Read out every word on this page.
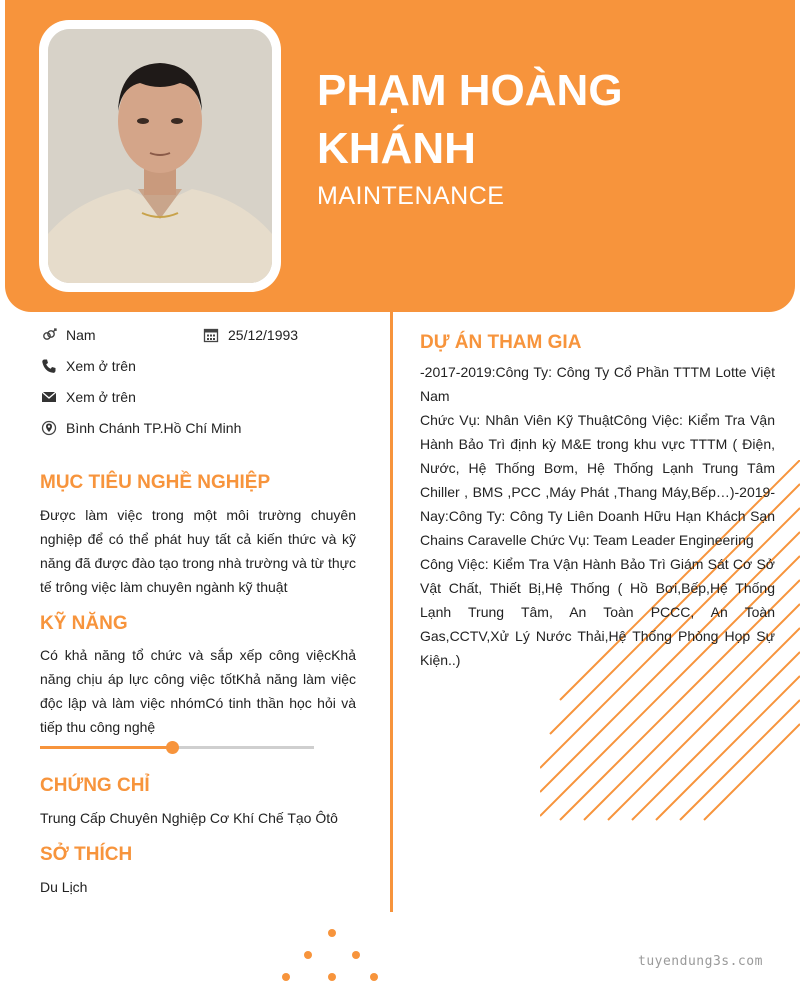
PHẠM HOÀNG KHÁNH
MAINTENANCE
Nam	25/12/1993
Xem ở trên
Xem ở trên
Bình Chánh TP.Hồ Chí Minh
MỤC TIÊU NGHỀ NGHIỆP
Được làm việc trong một môi trường chuyên nghiệp để có thể phát huy tất cả kiến thức và kỹ năng đã được đào tạo trong nhà trường và từ thực tế trông việc làm chuyên ngành kỹ thuật
KỸ NĂNG
Có khả năng tổ chức và sắp xếp công việcKhả năng chịu áp lực công việc tốtKhả năng làm việc độc lập và làm việc nhómCó tinh thần học hỏi và tiếp thu công nghệ
CHỨNG CHỈ
Trung Cấp Chuyên Nghiệp Cơ Khí Chế Tạo Ôtô
SỞ THÍCH
Du Lịch
DỰ ÁN THAM GIA

-2017-2019:Công Ty: Công Ty Cổ Phần TTTM Lotte Việt Nam

Chức Vụ: Nhân Viên Kỹ ThuậtCông Việc: Kiểm Tra Vận Hành Bảo Trì định kỳ M&E trong khu vực TTTM ( Điện, Nước, Hệ Thống Bơm, Hệ Thống Lạnh Trung Tâm Chiller , BMS ,PCC ,Máy Phát ,Thang Máy,Bếp…)-2019-Nay:Công Ty: Công Ty Liên Doanh Hữu Hạn Khách Sạn Chains Caravelle Chức Vụ: Team Leader Engineering

Công Việc: Kiểm Tra Vận Hành Bảo Trì Giám Sát Cơ Sở Vật Chất, Thiết Bị,Hệ Thống ( Hồ Bơi,Bếp,Hệ Thống Lạnh Trung Tâm, An Toàn PCCC, An Toàn Gas,CCTV,Xử Lý Nước Thải,Hệ Thống Phòng Họp Sự Kiện..)

tuyendung3s.com
